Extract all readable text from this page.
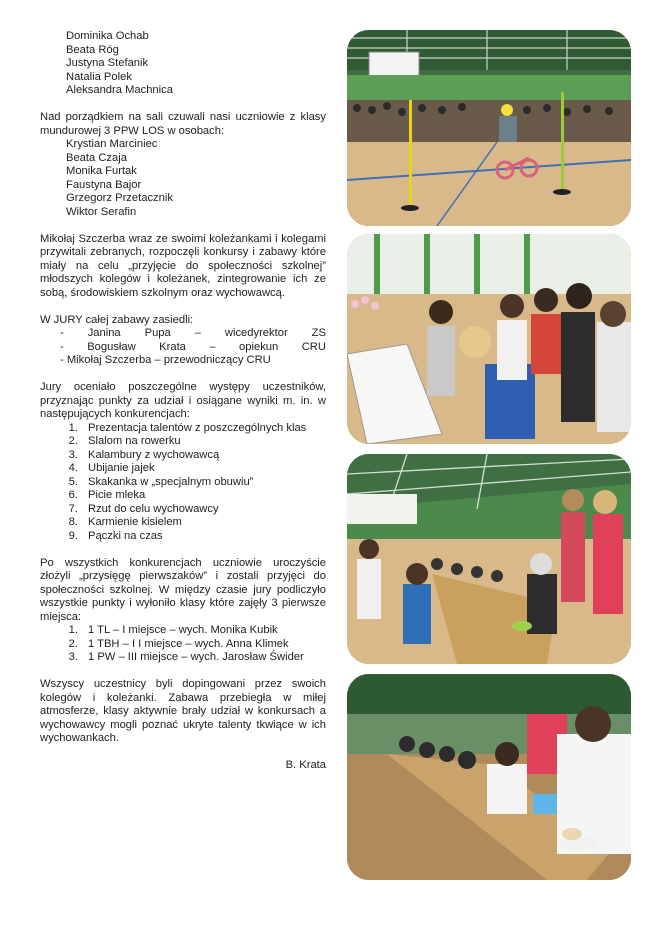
Dominika Ochab
Beata Róg
Justyna Stefanik
Natalia Polek
Aleksandra Machnica

Nad porządkiem na sali czuwali nasi uczniowie z klasy mundurowej 3 PPW LOS w osobach:

Krystian Marciniec
Beata Czaja
Monika Furtak
Faustyna Bajor
Grzegorz Przetacznik
Wiktor Serafin

Mikołaj Szczerba wraz ze swoimi koleżankami i kolegami przywitali zebranych, rozpoczęli konkursy i zabawy które miały na celu „przyjęcie do społeczności szkolnej” młodszych kolegów i koleżanek, zintegrowanie ich ze sobą, środowiskiem szkolnym oraz wychowawcą.

W JURY całej zabawy zasiedli:
- Janina Pupa – wicedyrektor ZS
- Bogusław Krata – opiekun CRU
- Mikołaj Szczerba – przewodniczący CRU

Jury oceniało poszczególne występy uczestników, przyznając punkty za udział i osiągane wyniki m. in. w następujących konkurencjach:

1. Prezentacja talentów z poszczególnych klas
2. Slalom na rowerku
3. Kalambury z wychowawcą
4. Ubijanie jajek
5. Skakanka w „specjalnym obuwiu”
6. Picie mleka
7. Rzut do celu wychowawcy
8. Karmienie kisielem
9. Pączki na czas

Po wszystkich konkurencjach uczniowie uroczyście złożyli „przysięgę pierwszaków” i zostali przyjęci do społeczności szkolnej. W między czasie jury podliczyło wszystkie punkty i wyłoniło klasy które zajęły 3 pierwsze miejsca:

1. 1 TL – I miejsce – wych. Monika Kubik
2. 1 TBH – I I miejsce – wych. Anna Klimek
3. 1 PW – III miejsce – wych. Jarosław Świder

Wszyscy uczestnicy byli dopingowani przez swoich kolegów i koleżanki. Zabawa przebiegła w miłej atmosferze, klasy aktywnie brały udział w konkursach a wychowawcy mogli poznać ukryte talenty tkwiące w ich wychowankach.

B. Krata
